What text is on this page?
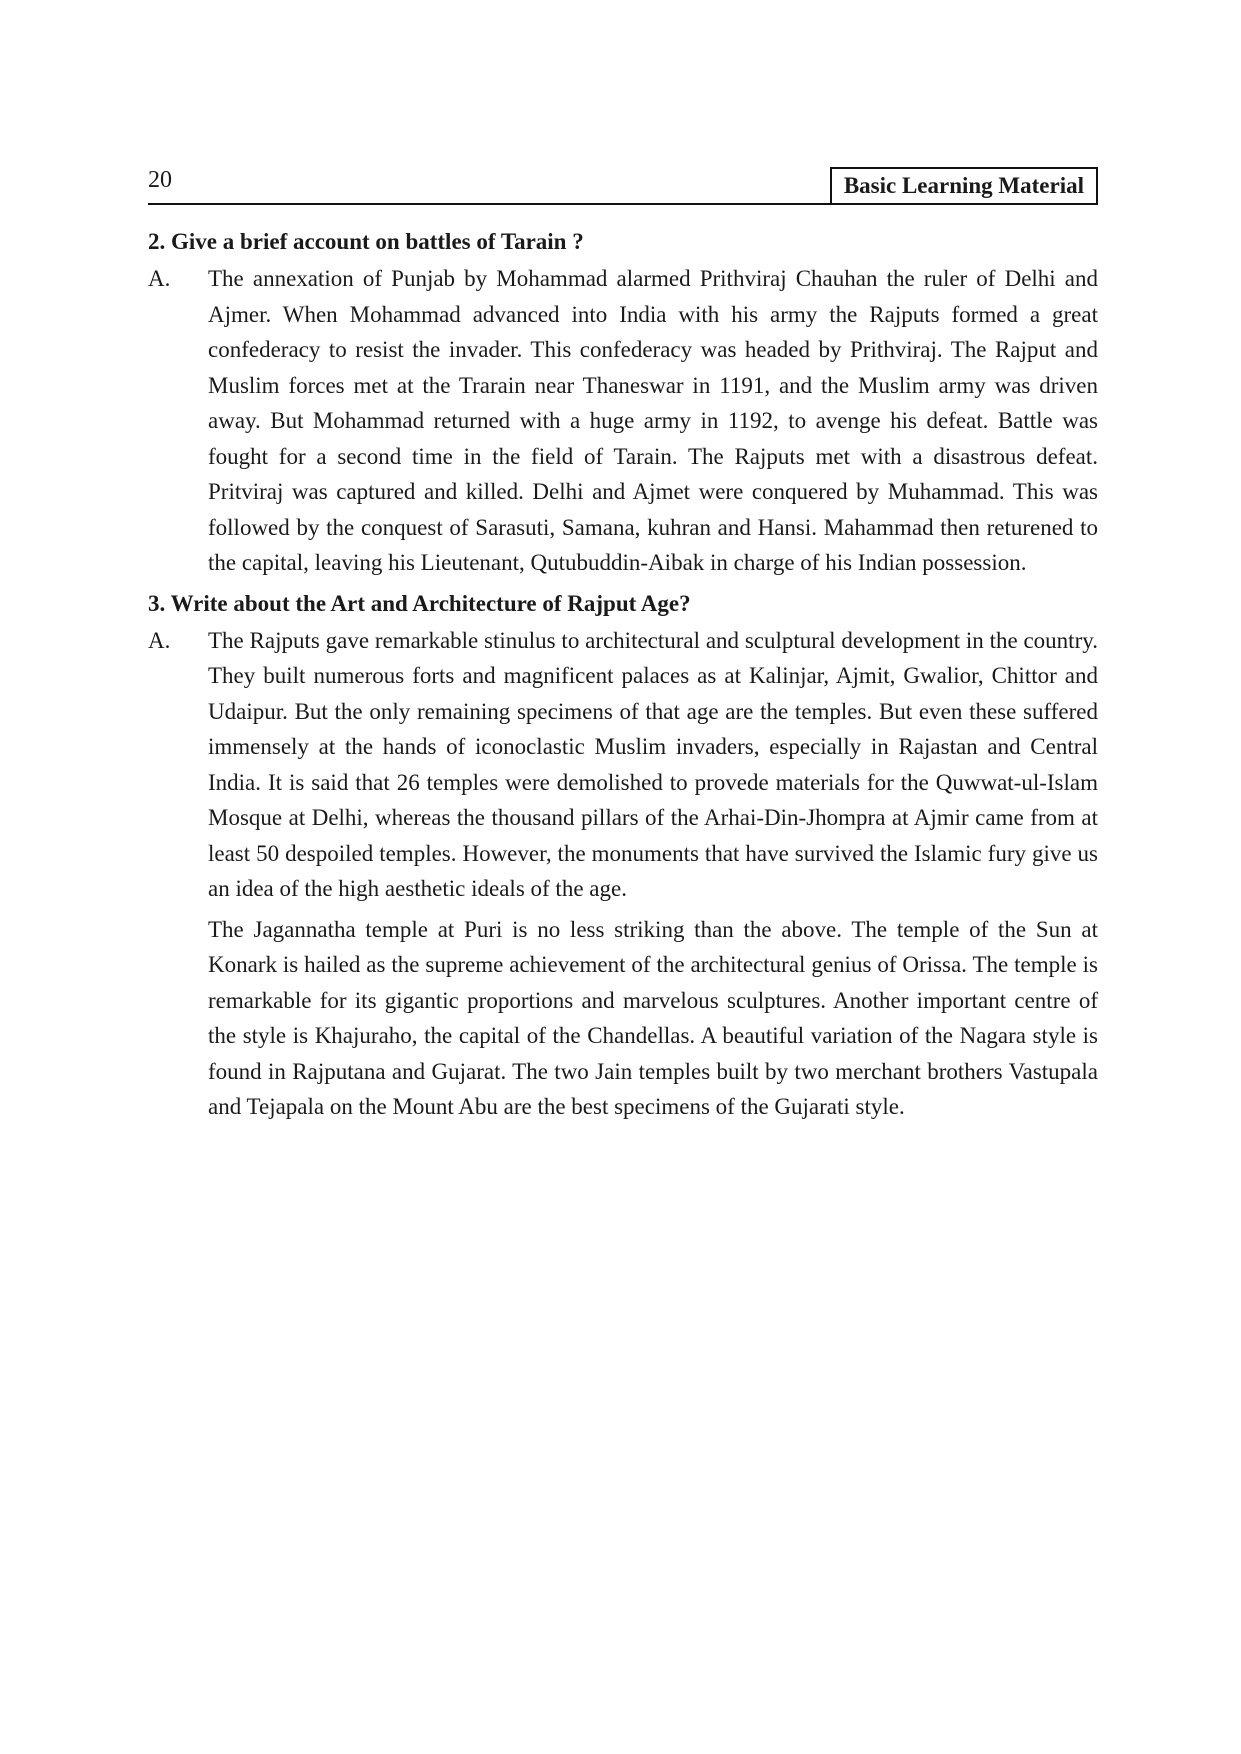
20	Basic Learning Material
2. Give a brief account on battles of Tarain ?
A. The annexation of Punjab by Mohammad alarmed Prithviraj Chauhan the ruler of Delhi and Ajmer. When Mohammad advanced into India with his army the Rajputs formed a great confederacy to resist the invader. This confederacy was headed by Prithviraj. The Rajput and Muslim forces met at the Trarain near Thaneswar in 1191, and the Muslim army was driven away. But Mohammad returned with a huge army in 1192, to avenge his defeat. Battle was fought for a second time in the field of Tarain. The Rajputs met with a disastrous defeat. Pritviraj was captured and killed. Delhi and Ajmet were conquered by Muhammad. This was followed by the conquest of Sarasuti, Samana, kuhran and Hansi. Mahammad then returened to the capital, leaving his Lieutenant, Qutubuddin-Aibak in charge of his Indian possession.

3. Write about the Art and Architecture of Rajput Age?
A. The Rajputs gave remarkable stinulus to architectural and sculptural development in the country. They built numerous forts and magnificent palaces as at Kalinjar, Ajmit, Gwalior, Chittor and Udaipur. But the only remaining specimens of that age are the temples. But even these suffered immensely at the hands of iconoclastic Muslim invaders, especially in Rajastan and Central India. It is said that 26 temples were demolished to provede materials for the Quwwat-ul-Islam Mosque at Delhi, whereas the thousand pillars of the Arhai-Din-Jhompra at Ajmir came from at least 50 despoiled temples. However, the monuments that have survived the Islamic fury give us an idea of the high aesthetic ideals of the age.

The Jagannatha temple at Puri is no less striking than the above. The temple of the Sun at Konark is hailed as the supreme achievement of the architectural genius of Orissa. The temple is remarkable for its gigantic proportions and marvelous sculptures. Another important centre of the style is Khajuraho, the capital of the Chandellas. A beautiful variation of the Nagara style is found in Rajputana and Gujarat. The two Jain temples built by two merchant brothers Vastupala and Tejapala on the Mount Abu are the best specimens of the Gujarati style.
